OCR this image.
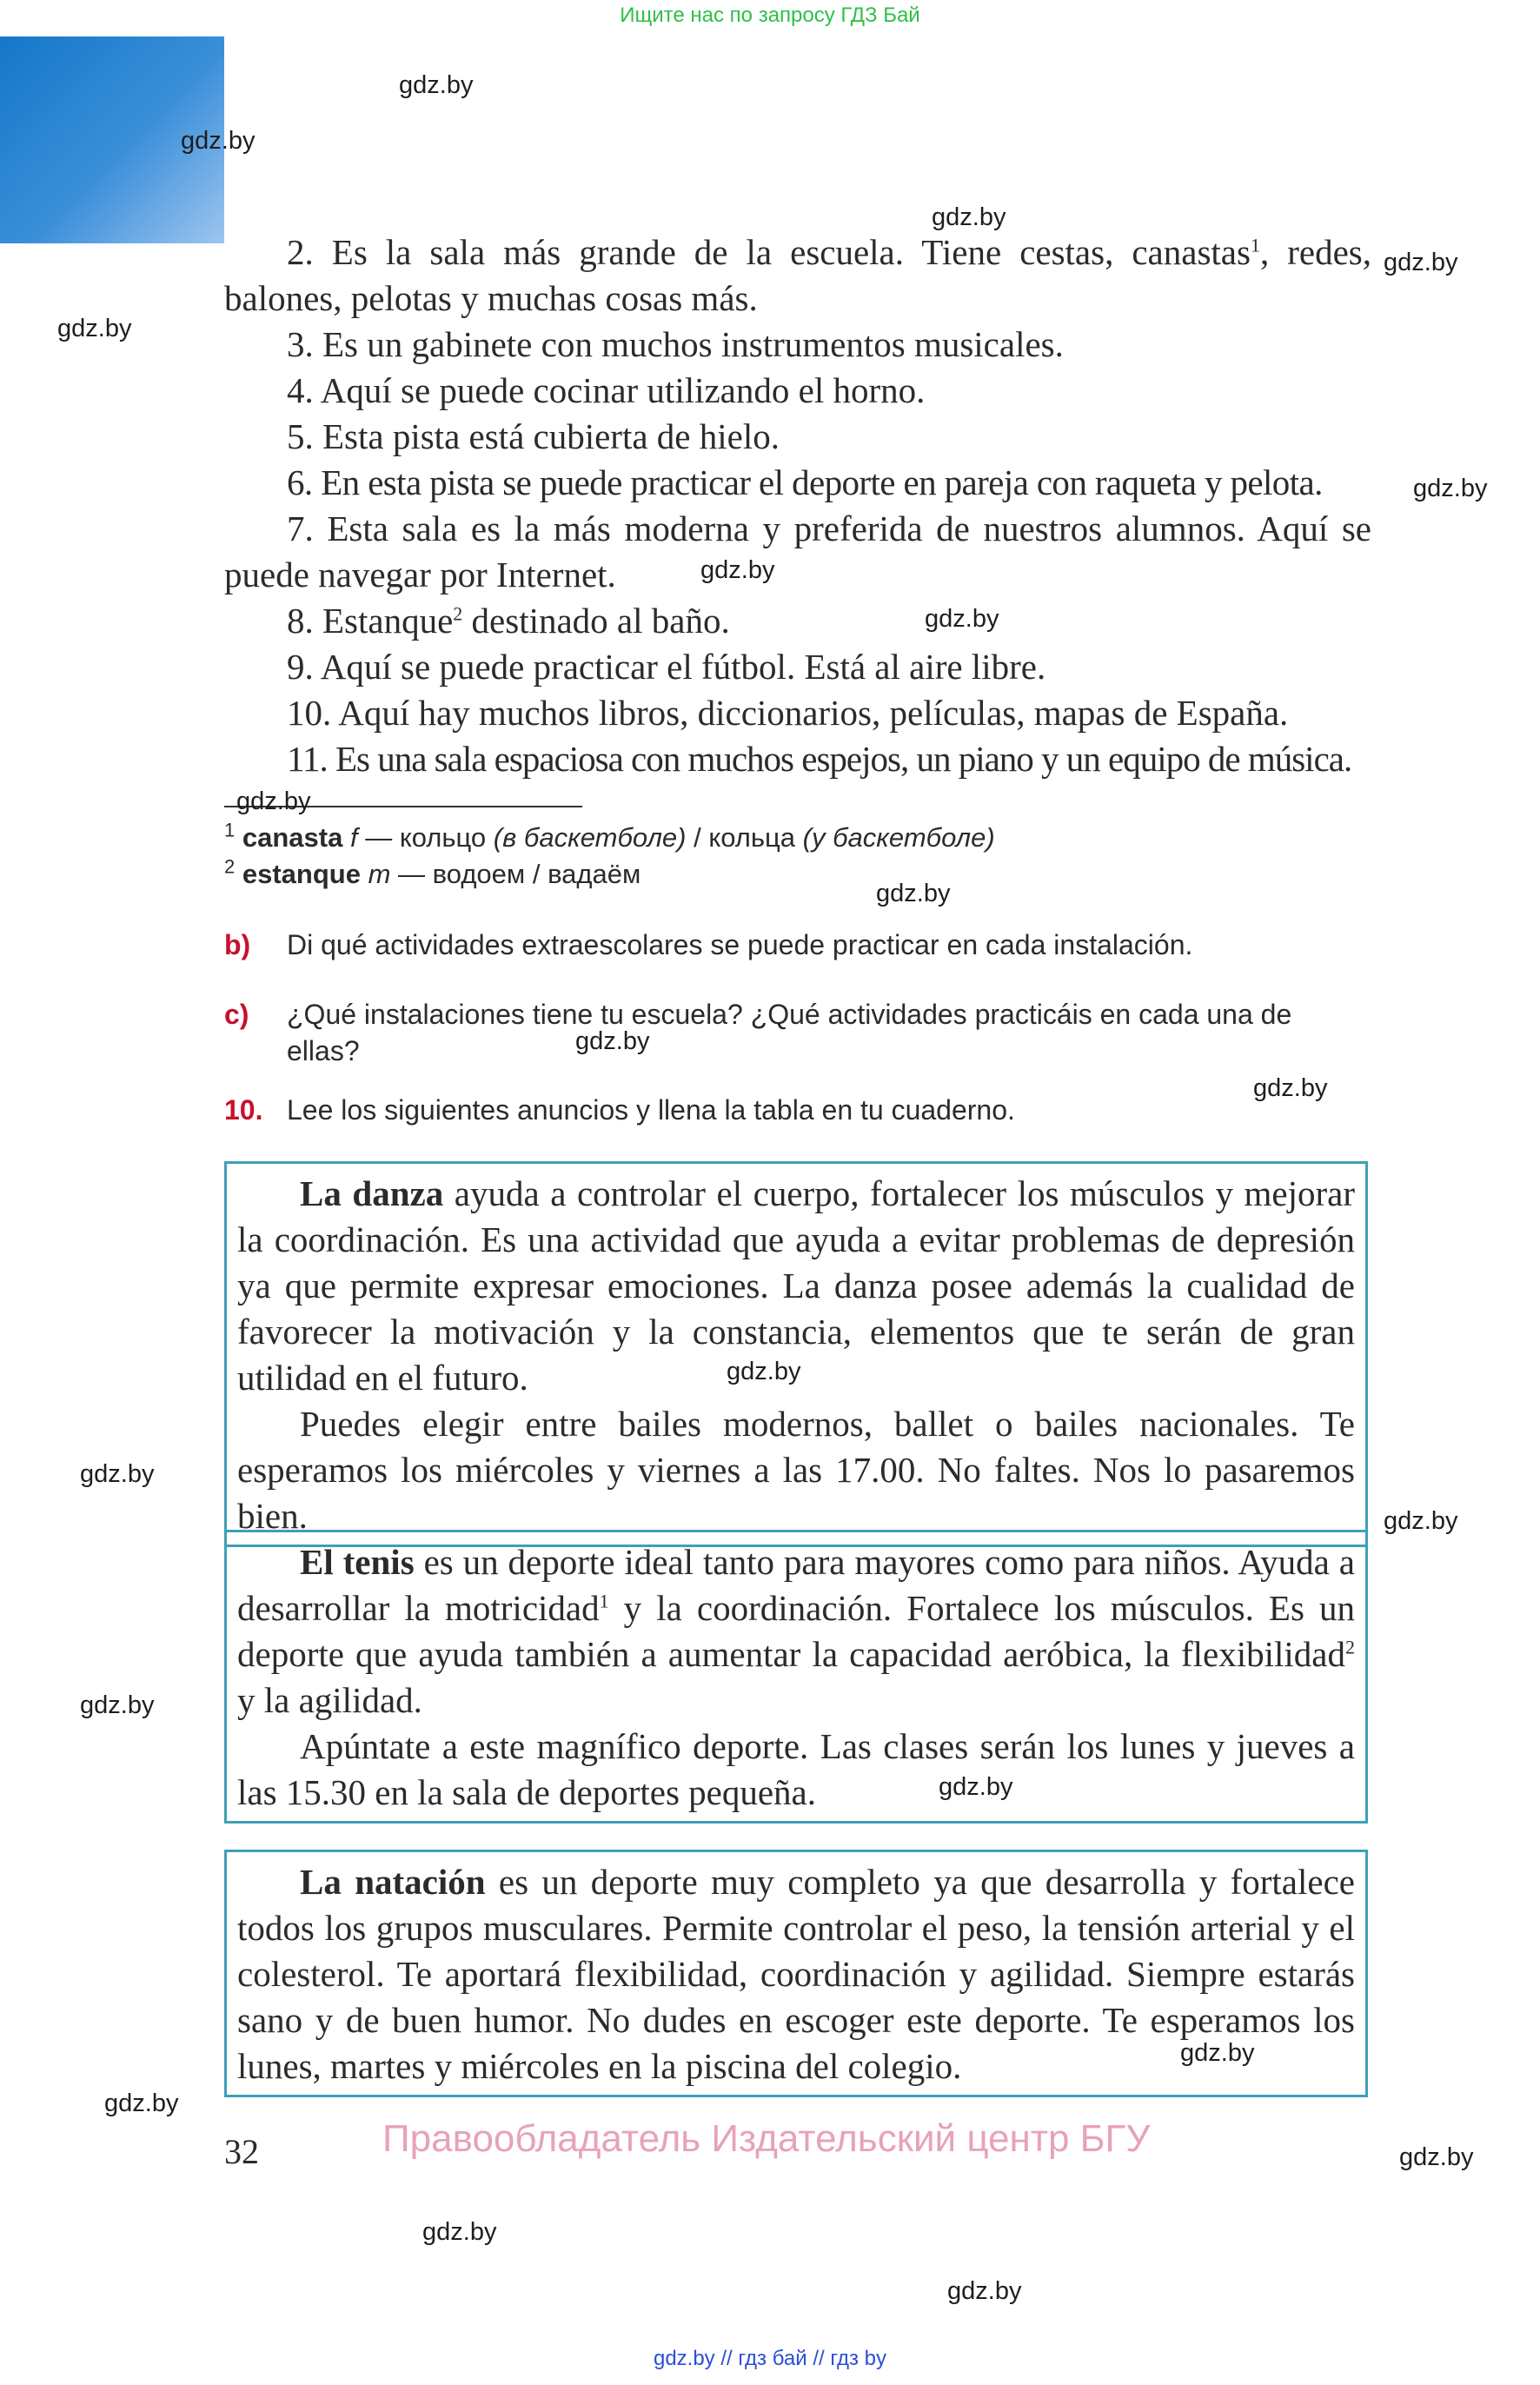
Ищите нас по запросу ГДЗ Бай

2. Es la sala más grande de la escuela. Tiene cestas, canastas$^1$, redes, balones, pelotas y muchas cosas más.

3. Es un gabinete con muchos instrumentos musicales.

4. Aquí se puede cocinar utilizando el horno.

5. Esta pista está cubierta de hielo.

6. En esta pista se puede practicar el deporte en pareja con raqueta y pelota.

7. Esta sala es la más moderna y preferida de nuestros alumnos. Aquí se puede navegar por Internet.

8. Estanque$^2$ destinado al baño.

9. Aquí se puede practicar el fútbol. Está al aire libre.

10. Aquí hay muchos libros, diccionarios, películas, mapas de España.

11. Es una sala espaciosa con muchos espejos, un piano y un equipo de música.

$^1$ canasta f — кольцо (в баскетболе) / кольца (у баскетболе)
$^2$ estanque m — водоем / вадаём
b) Di qué actividades extraescolares se puede practicar en cada instalación.
c) ¿Qué instalaciones tiene tu escuela? ¿Qué actividades practicáis en cada una de ellas?
10. Lee los siguientes anuncios y llena la tabla en tu cuaderno.

La danza ayuda a controlar el cuerpo, fortalecer los músculos y mejorar la coordinación. Es una actividad que ayuda a evitar problemas de depresión ya que permite expresar emociones. La danza posee además la cualidad de favorecer la motivación y la constancia, elementos que te serán de gran utilidad en el futuro.

Puedes elegir entre bailes modernos, ballet o bailes nacionales. Te esperamos los miércoles y viernes a las 17.00. No faltes. Nos lo pasaremos bien.

El tenis es un deporte ideal tanto para mayores como para niños. Ayuda a desarrollar la motricidad$^1$ y la coordinación. Fortalece los músculos. Es un deporte que ayuda también a aumentar la capacidad aeróbica, la flexibilidad$^2$ y la agilidad.

Apúntate a este magnífico deporte. Las clases serán los lunes y jueves a las 15.30 en la sala de deportes pequeña.

La natación es un deporte muy completo ya que desarrolla y fortalece todos los grupos musculares. Permite controlar el peso, la tensión arterial y el colesterol. Te aportará flexibilidad, coordinación y agilidad. Siempre estarás sano y de buen humor. No dudes en escoger este deporte. Te esperamos los lunes, martes y miércoles en la piscina del colegio.

32	Правообладатель Издательский центр БГУ
gdz.by // гдз бай // гдз by
gdz.by
gdz.by
gdz.by
gdz.by
gdz.by
gdz.by
gdz.by
gdz.by
gdz.by
gdz.by
gdz.by
gdz.by
gdz.by
gdz.by
gdz.by
gdz.by
gdz.by
gdz.by
gdz.by
gdz.by
gdz.by
gdz.by
